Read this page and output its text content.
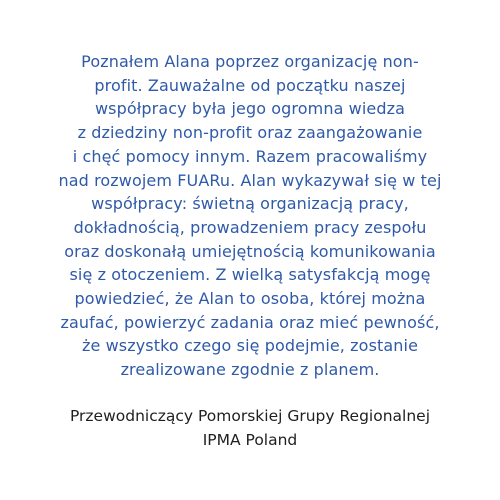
Poznałem Alana poprzez organizację non-
profit. Zauważalne od początku naszej
współpracy była jego ogromna wiedza
z dziedziny non-profit oraz zaangażowanie
i chęć pomocy innym. Razem pracowaliśmy
nad rozwojem FUARu. Alan wykazywał się w tej
współpracy: świetną organizacją pracy,
dokładnością, prowadzeniem pracy zespołu
oraz doskonałą umiejętnością komunikowania
się z otoczeniem. Z wielką satysfakcją mogę
powiedzieć, że Alan to osoba, której można
zaufać, powierzyć zadania oraz mieć pewność,
że wszystko czego się podejmie, zostanie
zrealizowane zgodnie z planem.

Przewodniczący Pomorskiej Grupy Regionalnej
IPMA Poland
